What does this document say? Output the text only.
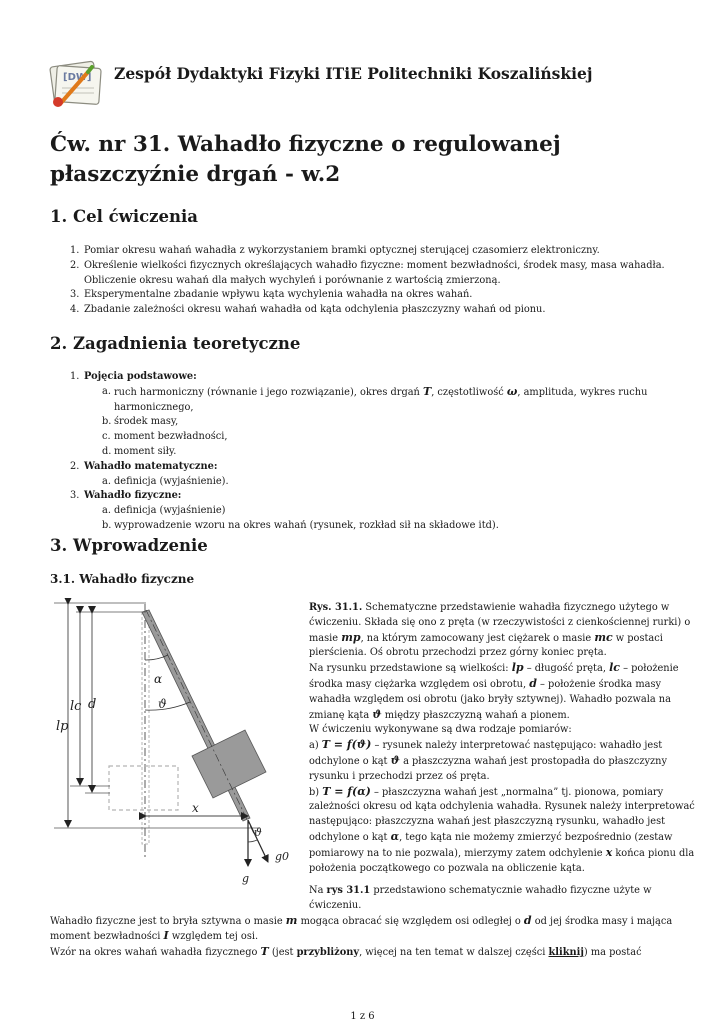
[DW] Zespół Dydaktyki Fizyki ITiE Politechniki Koszalińskiej
Ćw. nr 31. Wahadło fizyczne o regulowanej płaszczyźnie drgań - w.2
1. Cel ćwiczenia
1. Pomiar okresu wahań wahadła z wykorzystaniem bramki optycznej sterującej czasomierz elektroniczny.
2. Określenie wielkości fizycznych określających wahadło fizyczne: moment bezwładności, środek masy, masa wahadła.
Obliczenie okresu wahań dla małych wychyleń i porównanie z wartością zmierzoną.
3. Eksperymentalne zbadanie wpływu kąta wychylenia wahadła na okres wahań.
4. Zbadanie zależności okresu wahań wahadła od kąta odchylenia płaszczyzny wahań od pionu.
2. Zagadnienia teoretyczne
1. Pojęcia podstawowe:
a. ruch harmoniczny (równanie i jego rozwiązanie), okres drgań T, częstotliwość ω, amplituda, wykres ruchu harmonicznego,
b. środek masy,
c. moment bezwładności,
d. moment siły.
2. Wahadło matematyczne:
a. definicja (wyjaśnienie).
3. Wahadło fizyczne:
a. definicja (wyjaśnienie)
b. wyprowadzenie wzoru na okres wahań (rysunek, rozkład sił na składowe itd).
3. Wprowadzenie
3.1. Wahadło fizyczne
lp
lc d
α
ϑ
x
ϑ
g0
g

Rys. 31.1. Schematyczne przedstawienie wahadła fizycznego użytego w ćwiczeniu. Składa się ono z pręta (w rzeczywistości z cienkościennej rurki) o masie mp, na którym zamocowany jest ciężarek o masie mc w postaci pierścienia. Oś obrotu przechodzi przez górny koniec pręta.

Na rysunku przedstawione są wielkości: lp – długość pręta, lc – położenie środka masy ciężarka względem osi obrotu, d – położenie środka masy wahadła względem osi obrotu (jako bryły sztywnej). Wahadło pozwala na zmianę kąta ϑ między płaszczyzną wahań a pionem.

W ćwiczeniu wykonywane są dwa rodzaje pomiarów:

a) T = f(ϑ) – rysunek należy interpretować następująco: wahadło jest odchylone o kąt ϑ a płaszczyzna wahań jest prostopadła do płaszczyzny rysunku i przechodzi przez oś pręta.

b) T = f(α) – płaszczyzna wahań jest „normalna” tj. pionowa, pomiary zależności okresu od kąta odchylenia wahadła. Rysunek należy interpretować następująco: płaszczyzna wahań jest płaszczyzną rysunku, wahadło jest odchylone o kąt α, tego kąta nie możemy zmierzyć bezpośrednio (zestaw pomiarowy na to nie pozwala), mierzymy zatem odchylenie x końca pionu dla położenia początkowego co pozwala na obliczenie kąta.

Na rys 31.1 przedstawiono schematycznie wahadło fizyczne użyte w ćwiczeniu.

Wahadło fizyczne jest to bryła sztywna o masie m mogąca obracać się względem osi odległej o d od jej środka masy i mająca moment bezwładności I względem tej osi.

Wzór na okres wahań wahadła fizycznego T (jest przybliżony, więcej na ten temat w dalszej części kliknij) ma postać

1 z 6
